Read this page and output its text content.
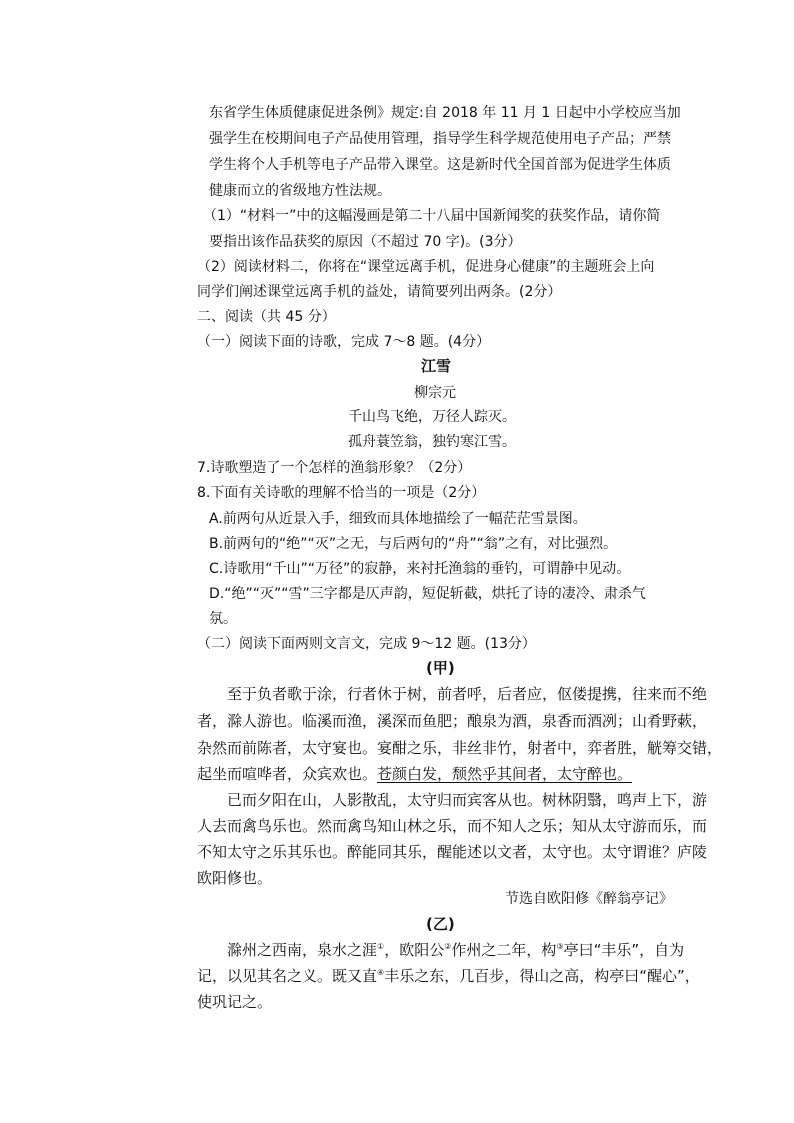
东省学生体质健康促进条例》规定:自 2018 年 11 月 1 日起中小学校应当加
强学生在校期间电子产品使用管理，指导学生科学规范使用电子产品；严禁
学生将个人手机等电子产品带入课堂。这是新时代全国首部为促进学生体质
健康而立的省级地方性法规。
（1）“材料一”中的这幅漫画是第二十八届中国新闻奖的获奖作品，请你简
要指出该作品获奖的原因（不超过 70 字)。(3分）
（2）阅读材料二，你将在“课堂远离手机，促进身心健康”的主题班会上向
同学们阐述课堂远离手机的益处，请简要列出两条。(2分）
二、阅读（共 45 分）
（一）阅读下面的诗歌，完成 7～8 题。(4分）
江雪
柳宗元
千山鸟飞绝，万径人踪灭。
孤舟蓑笠翁，独钓寒江雪。
7.诗歌塑造了一个怎样的渔翁形象？（2分）
8.下面有关诗歌的理解不恰当的一项是（2分）
A.前两句从近景入手，细致而具体地描绘了一幅茫茫雪景图。
B.前两句的“绝”“灭”之无，与后两句的“舟”“翁”之有，对比强烈。
C.诗歌用“千山”“万径”的寂静，来衬托渔翁的垂钓，可谓静中见动。
D.“绝”“灭”“雪”三字都是仄声韵，短促斩截，烘托了诗的凄冷、肃杀气
氛。
（二）阅读下面两则文言文，完成 9～12 题。(13分）
(甲)
至于负者歌于涂，行者休于树，前者呼，后者应，伛偻提携，往来而不绝
者，滁人游也。临溪而渔，溪深而鱼肥；酿泉为酒，泉香而酒冽；山肴野蔌，
杂然而前陈者，太守宴也。宴酣之乐，非丝非竹，射者中，弈者胜，觥筹交错，
起坐而喧哗者，众宾欢也。苍颜白发，颓然乎其间者，太守醉也。
已而夕阳在山，人影散乱，太守归而宾客从也。树林阴翳，鸣声上下，游
人去而禽鸟乐也。然而禽鸟知山林之乐，而不知人之乐；知从太守游而乐，而
不知太守之乐其乐也。醉能同其乐，醒能述以文者，太守也。太守谓谁？庐陵
欧阳修也。
节选自欧阳修《醉翁亭记》
(乙)
滁州之西南，泉水之涯①，欧阳公②作州之二年，构③亭曰“丰乐”，自为
记，以见其名之义。既又直④丰乐之东，几百步，得山之高，构亭曰“醒心”，
使巩记之。
